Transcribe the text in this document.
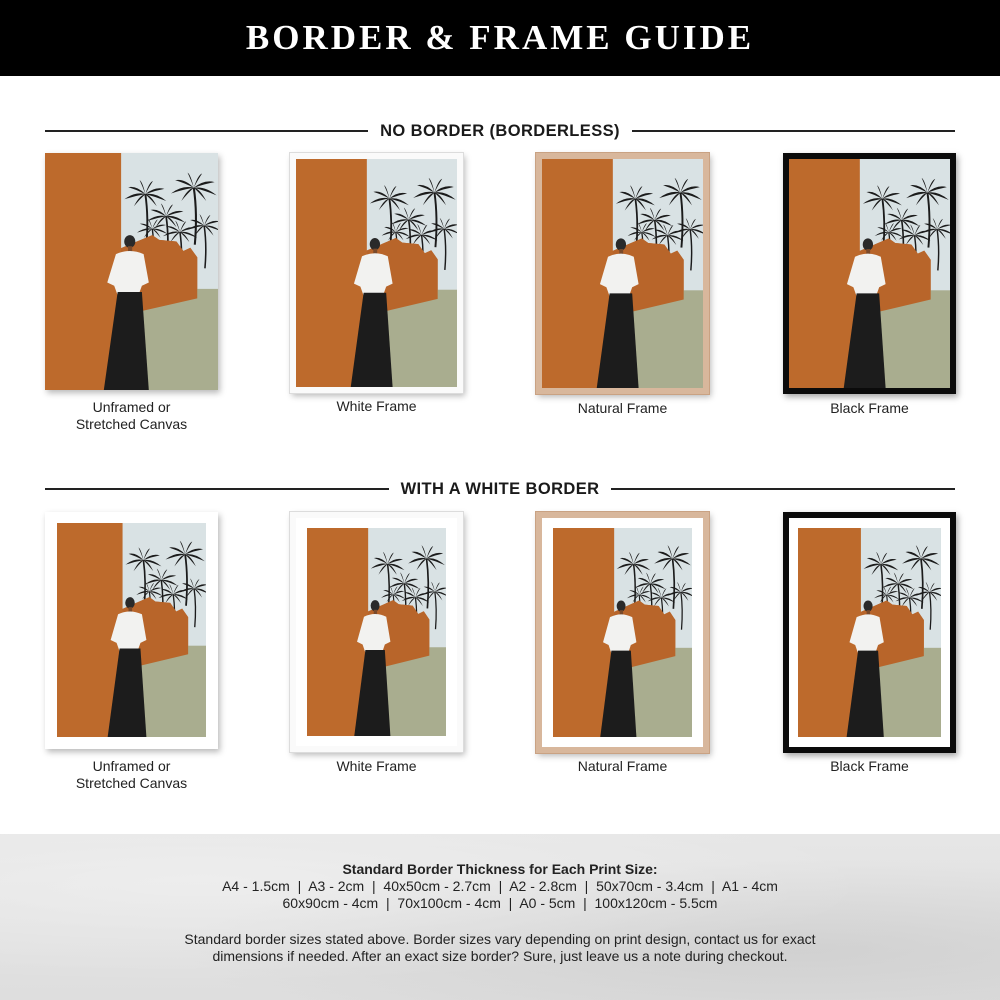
BORDER & FRAME GUIDE
NO BORDER (BORDERLESS)
Unframed or
Stretched Canvas
White Frame	Natural Frame	Black Frame
WITH A WHITE BORDER
Unframed or
Stretched Canvas
White Frame	Natural Frame	Black Frame
Standard Border Thickness for Each Print Size:
A4 - 1.5cm  |  A3 - 2cm  |  40x50cm - 2.7cm  |  A2 - 2.8cm  |  50x70cm - 3.4cm  |  A1 - 4cm
60x90cm - 4cm  |  70x100cm - 4cm  |  A0 - 5cm  |  100x120cm - 5.5cm
Standard border sizes stated above. Border sizes vary depending on print design, contact us for exact
dimensions if needed. After an exact size border? Sure, just leave us a note during checkout.
